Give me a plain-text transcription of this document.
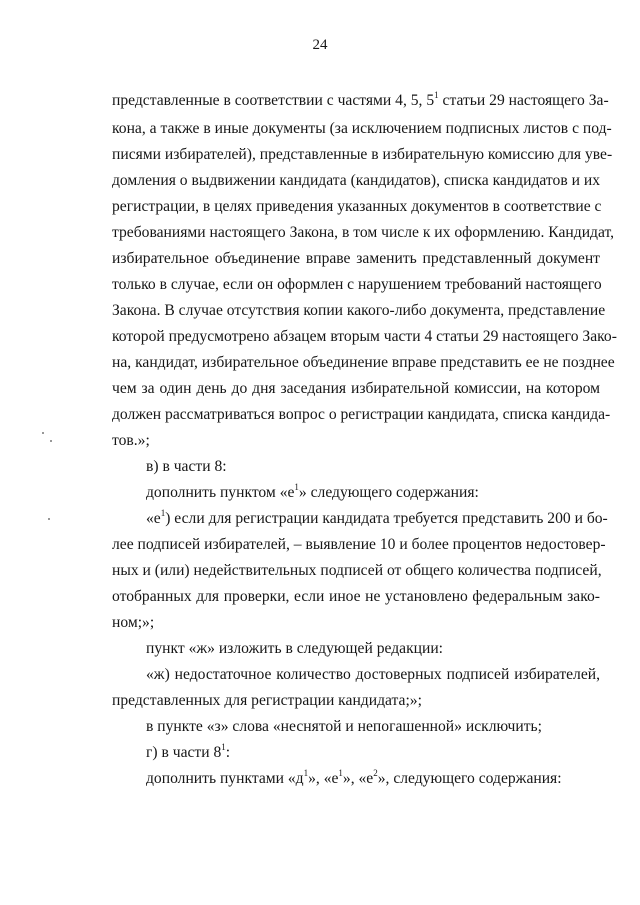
24
представленные в соответствии с частями 4, 5, $5^1$ статьи 29 настоящего За-
кона, а также в иные документы (за исключением подписных листов с под-
писями избирателей), представленные в избирательную комиссию для уве-
домления о выдвижении кандидата (кандидатов), списка кандидатов и их
регистрации, в целях приведения указанных документов в соответствие с
требованиями настоящего Закона, в том числе к их оформлению. Кандидат,
избирательное объединение вправе заменить представленный документ
только в случае, если он оформлен с нарушением требований настоящего
Закона. В случае отсутствия копии какого-либо документа, представление
которой предусмотрено абзацем вторым части 4 статьи 29 настоящего Зако-
на, кандидат, избирательное объединение вправе представить ее не позднее
чем за один день до дня заседания избирательной комиссии, на котором
должен рассматриваться вопрос о регистрации кандидата, списка кандида-
тов.»;
в) в части 8:
дополнить пунктом «$е^1$» следующего содержания:
«$е^1$) если для регистрации кандидата требуется представить 200 и бо-
лее подписей избирателей, – выявление 10 и более процентов недостовер-
ных и (или) недействительных подписей от общего количества подписей,
отобранных для проверки, если иное не установлено федеральным зако-
ном;»;
пункт «ж» изложить в следующей редакции:
«ж) недостаточное количество достоверных подписей избирателей,
представленных для регистрации кандидата;»;
в пункте «з» слова «неснятой и непогашенной» исключить;
г) в части $8^1$:
дополнить пунктами «$д^1$», «$е^1$», «$е^2$», следующего содержания:
